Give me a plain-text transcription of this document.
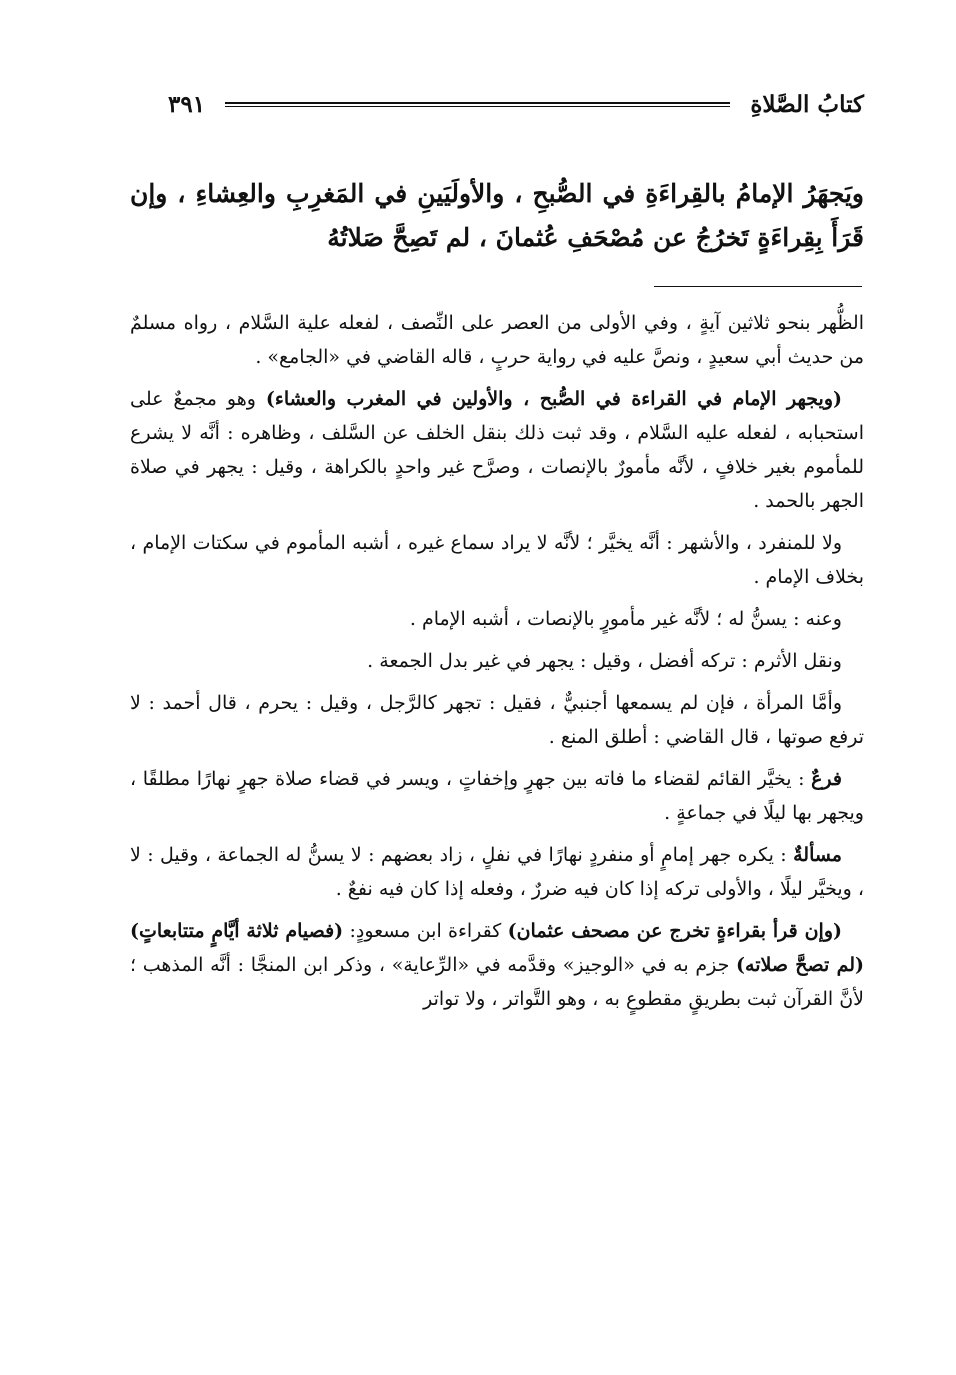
كتابُ الصَّلاةِ
٣٩١
ويَجهَرُ الإمامُ بالقِراءَةِ في الصُّبحِ ، والأولَيَينِ في المَغرِبِ والعِشاءِ ، وإن قَرَأَ بِقِراءَةٍ تَخرُجُ عن مُصْحَفِ عُثمانَ ، لم تَصِحَّ صَلاتُهُ

الظُّهر بنحو ثلاثين آيةٍ ، وفي الأولى من العصر على النِّصف ، لفعله علية السَّلام ، رواه مسلمٌ من حديث أبي سعيدٍ ، ونصَّ عليه في رواية حربٍ ، قاله القاضي في «الجامع» .

(ويجهر الإمام في القراءة في الصُّبح ، والأولين في المغرب والعشاء) وهو مجمعٌ على استحبابه ، لفعله عليه السَّلام ، وقد ثبت ذلك بنقل الخلف عن السَّلف ، وظاهره : أنَّه لا يشرع للمأموم بغير خلافٍ ، لأنَّه مأمورٌ بالإنصات ، وصرَّح غير واحدٍ بالكراهة ، وقيل : يجهر في صلاة الجهر بالحمد .

ولا للمنفرد ، والأشهر : أنَّه يخيَّر ؛ لأنَّه لا يراد سماع غيره ، أشبه المأموم في سكتات الإمام ، بخلاف الإمام .

وعنه : يسنُّ له ؛ لأنَّه غير مأمورٍ بالإنصات ، أشبه الإمام .

ونقل الأثرم : تركه أفضل ، وقيل : يجهر في غير بدل الجمعة .

وأمَّا المرأة ، فإن لم يسمعها أجنبيٌّ ، فقيل : تجهر كالرَّجل ، وقيل : يحرم ، قال أحمد : لا ترفع صوتها ، قال القاضي : أطلق المنع .

فرعٌ : يخيَّر القائم لقضاء ما فاته بين جهرٍ وإخفاتٍ ، ويسر في قضاء صلاة جهرٍ نهارًا مطلقًا ، ويجهر بها ليلًا في جماعةٍ .

مسألةٌ : يكره جهر إمامٍ أو منفردٍ نهارًا في نفلٍ ، زاد بعضهم : لا يسنُّ له الجماعة ، وقيل : لا ، ويخيَّر ليلًا ، والأولى تركه إذا كان فيه ضررٌ ، وفعله إذا كان فيه نفعٌ .

(وإن قرأ بقراءةٍ تخرج عن مصحف عثمان) كقراءة ابن مسعودٍ: (فصيام ثلاثة أيَّامٍ متتابعاتٍ) (لم تصحَّ صلاته) جزم به في «الوجيز» وقدَّمه في «الرِّعاية» ، وذكر ابن المنجَّا : أنَّه المذهب ؛ لأنَّ القرآن ثبت بطريقٍ مقطوعٍ به ، وهو التَّواتر ، ولا تواتر
